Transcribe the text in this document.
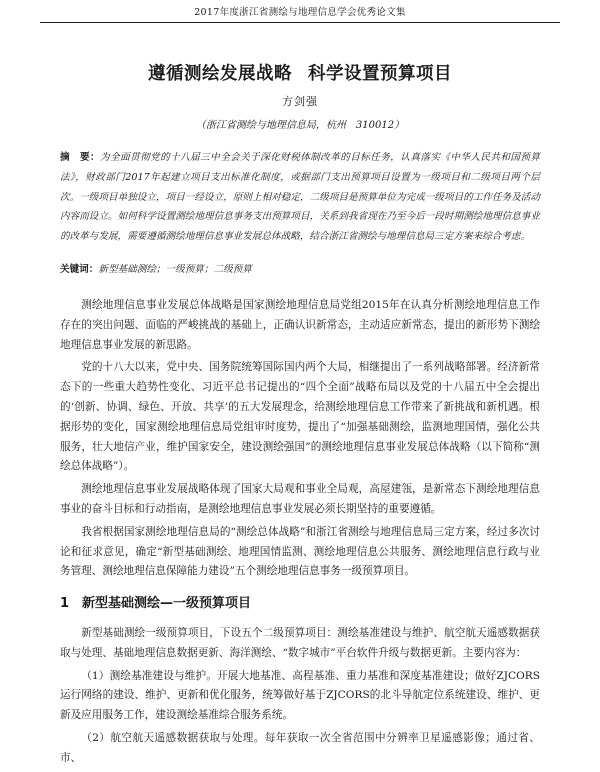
2017年度浙江省测绘与地理信息学会优秀论文集
遵循测绘发展战略 科学设置预算项目
方剑强
（浙江省测绘与地理信息局，杭州　310012）
摘　要：为全面贯彻党的十八届三中全会关于深化财税体制改革的目标任务，认真落实《中华人民共和国预算法》，财政部门2017年起建立项目支出标准化制度，或据部门支出预算项目设置为一级项目和二级项目两个层次。一级项目单独设立，项目一经设立，原则上相对稳定，二级项目是预算单位为完成一级项目的工作任务及活动内容而设立。如何科学设置测绘地理信息事务支出预算项目，关系到我省现在乃至今后一段时期测绘地理信息事业的改革与发展，需要遵循测绘地理信息事业发展总体战略，结合浙江省测绘与地理信息局三定方案来综合考虑。
关键词：新型基础测绘；一级预算；二级预算

测绘地理信息事业发展总体战略是国家测绘地理信息局党组2015年在认真分析测绘地理信息工作存在的突出问题、面临的严峻挑战的基础上，正确认识新常态，主动适应新常态，提出的新形势下测绘地理信息事业发展的新思路。

党的十八大以来，党中央、国务院统筹国际国内两个大局，相继提出了一系列战略部署。经济新常态下的一些重大趋势性变化、习近平总书记提出的“四个全面”战略布局以及党的十八届五中全会提出的‘创新、协调、绿色、开放、共享’的五大发展理念，给测绘地理信息工作带来了新挑战和新机遇。根据形势的变化，国家测绘地理信息局党组审时度势，提出了“加强基础测绘，监测地理国情，强化公共服务，壮大地信产业，维护国家安全，建设测绘强国”的测绘地理信息事业发展总体战略（以下简称“测绘总体战略”）。

测绘地理信息事业发展战略体现了国家大局观和事业全局观，高屋建瓴，是新常态下测绘地理信息事业的奋斗目标和行动指南，是测绘地理信息事业发展必须长期坚持的重要遵循。

我省根据国家测绘地理信息局的“测绘总体战略”和浙江省测绘与地理信息局三定方案，经过多次讨论和征求意见，确定“新型基础测绘、地理国情监测、测绘地理信息公共服务、测绘地理信息行政与业务管理、测绘地理信息保障能力建设”五个测绘地理信息事务一级预算项目。

1　新型基础测绘—一级预算项目

新型基础测绘一级预算项目，下设五个二级预算项目：测绘基准建设与维护、航空航天遥感数据获取与处理、基础地理信息数据更新、海洋测绘、“数字城市”平台软件升级与数据更新。主要内容为：

（1）测绘基准建设与维护。开展大地基准、高程基准、重力基准和深度基准建设；做好ZJCORS运行网络的建设、维护、更新和优化服务，统筹做好基于ZJCORS的北斗导航定位系统建设、维护、更新及应用服务工作，建设测绘基准综合服务系统。

（2）航空航天遥感数据获取与处理。每年获取一次全省范围中分辨率卫星遥感影像；通过省、市、
